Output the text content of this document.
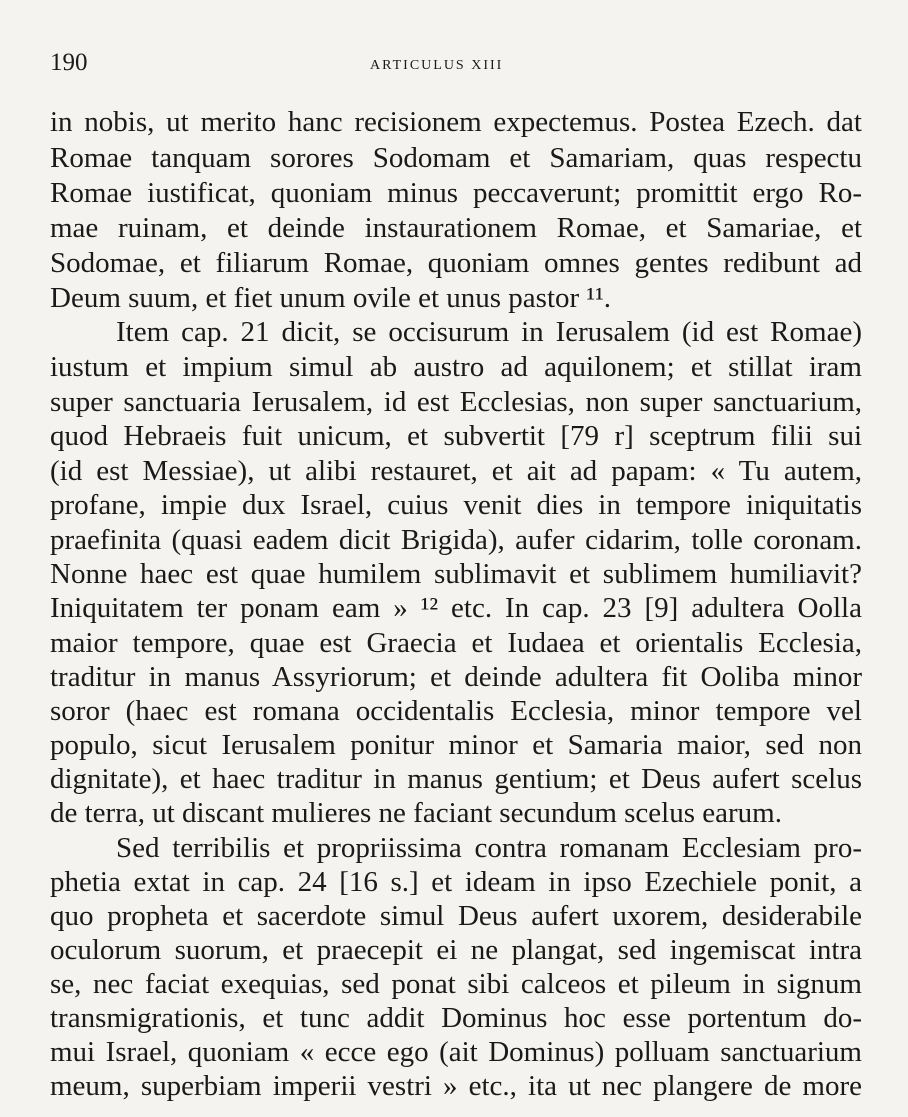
190	ARTICULUS XIII
in nobis, ut merito hanc recisionem expectemus. Postea Ezech. dat
Romae tanquam sorores Sodomam et Samariam, quas respectu
Romae iustificat, quoniam minus peccaverunt; promittit ergo Ro-
mae ruinam, et deinde instaurationem Romae, et Samariae, et
Sodomae, et filiarum Romae, quoniam omnes gentes redibunt ad
Deum suum, et fiet unum ovile et unus pastor ¹¹.
Item cap. 21 dicit, se occisurum in Ierusalem (id est Romae)
iustum et impium simul ab austro ad aquilonem; et stillat iram
super sanctuaria Ierusalem, id est Ecclesias, non super sanctuarium,
quod Hebraeis fuit unicum, et subvertit [79 r] sceptrum filii sui
(id est Messiae), ut alibi restauret, et ait ad papam: « Tu autem,
profane, impie dux Israel, cuius venit dies in tempore iniquitatis
praefinita (quasi eadem dicit Brigida), aufer cidarim, tolle coronam.
Nonne haec est quae humilem sublimavit et sublimem humiliavit?
Iniquitatem ter ponam eam » ¹² etc. In cap. 23 [9] adultera Oolla
maior tempore, quae est Graecia et Iudaea et orientalis Ecclesia,
traditur in manus Assyriorum; et deinde adultera fit Ooliba minor
soror (haec est romana occidentalis Ecclesia, minor tempore vel
populo, sicut Ierusalem ponitur minor et Samaria maior, sed non
dignitate), et haec traditur in manus gentium; et Deus aufert scelus
de terra, ut discant mulieres ne faciant secundum scelus earum.
Sed terribilis et propriissima contra romanam Ecclesiam pro-
phetia extat in cap. 24 [16 s.] et ideam in ipso Ezechiele ponit, a
quo propheta et sacerdote simul Deus aufert uxorem, desiderabile
oculorum suorum, et praecepit ei ne plangat, sed ingemiscat intra
se, nec faciat exequias, sed ponat sibi calceos et pileum in signum
transmigrationis, et tunc addit Dominus hoc esse portentum do-
mui Israel, quoniam « ecce ego (ait Dominus) polluam sanctuarium
meum, superbiam imperii vestri » etc., ita ut nec plangere de more
